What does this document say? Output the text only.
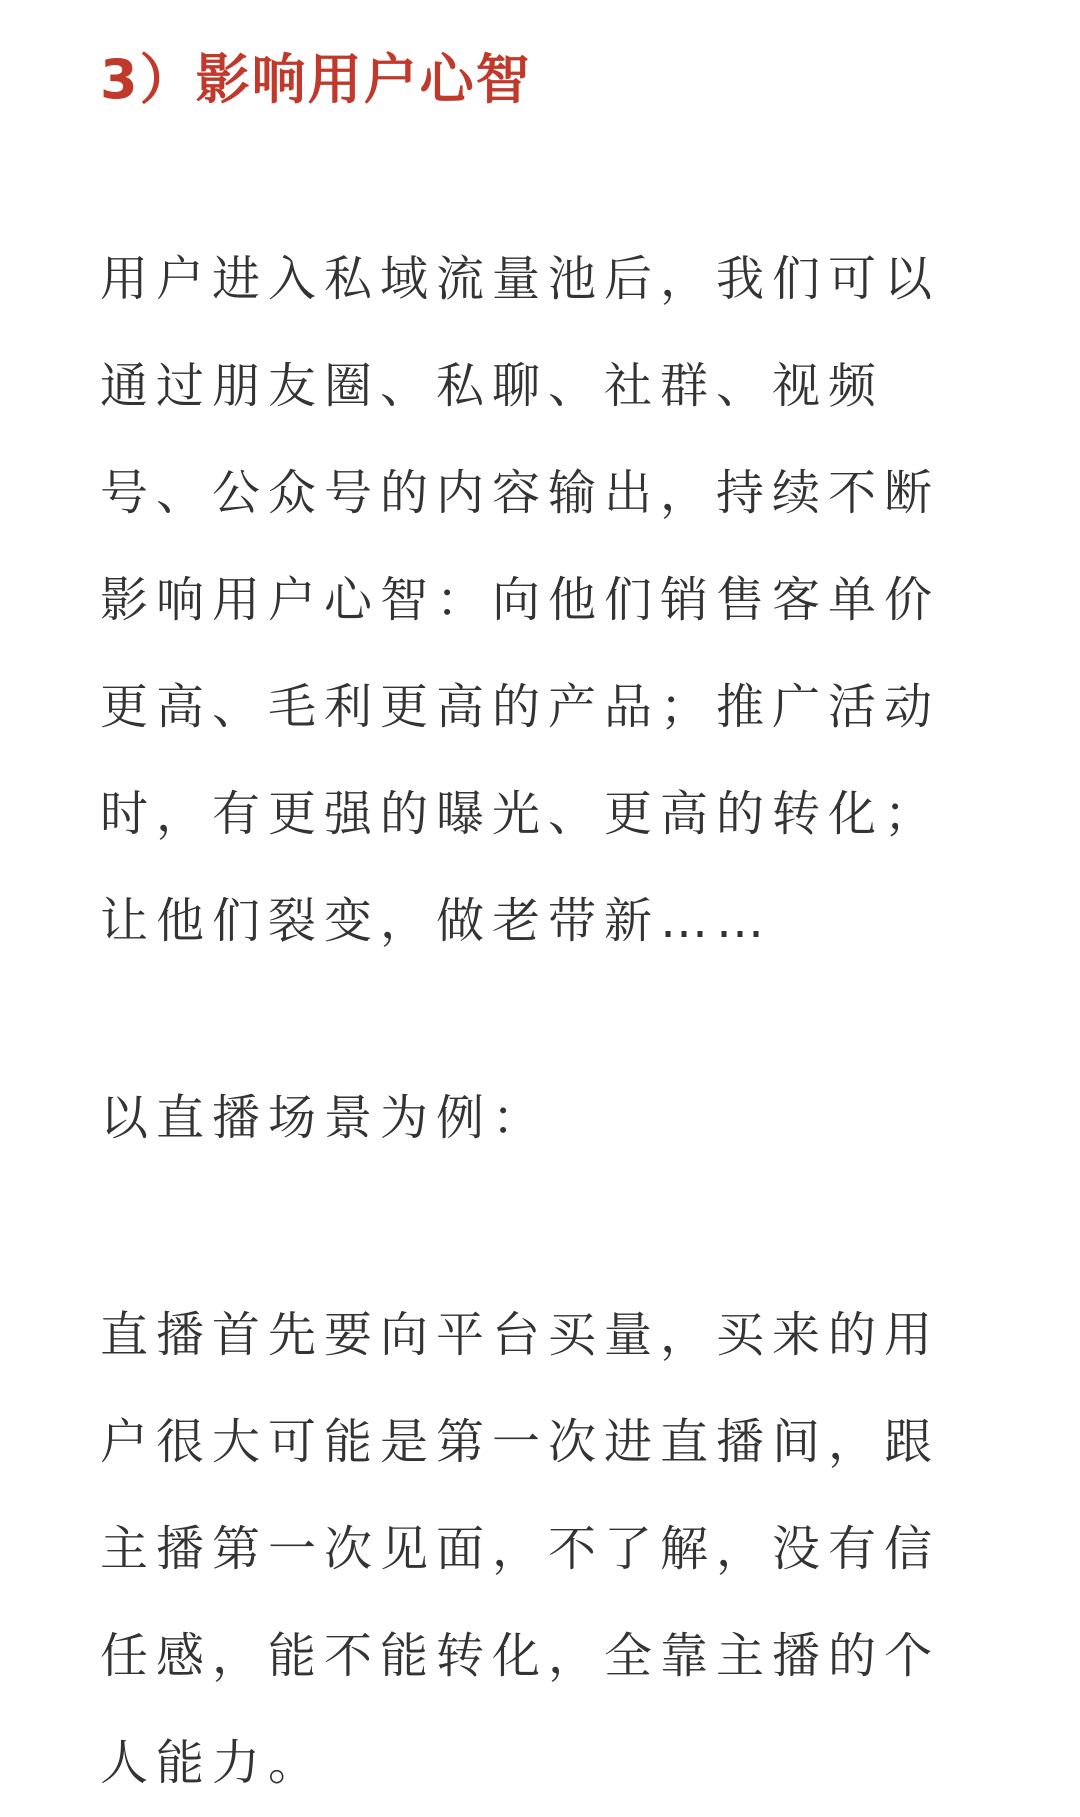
3）影响用户心智

用户进入私域流量池后，我们可以
通过朋友圈、私聊、社群、视频
号、公众号的内容输出，持续不断
影响用户心智：向他们销售客单价
更高、毛利更高的产品；推广活动
时，有更强的曝光、更高的转化；
让他们裂变，做老带新……

以直播场景为例：

直播首先要向平台买量，买来的用
户很大可能是第一次进直播间，跟
主播第一次见面，不了解，没有信
任感，能不能转化，全靠主播的个
人能力。
